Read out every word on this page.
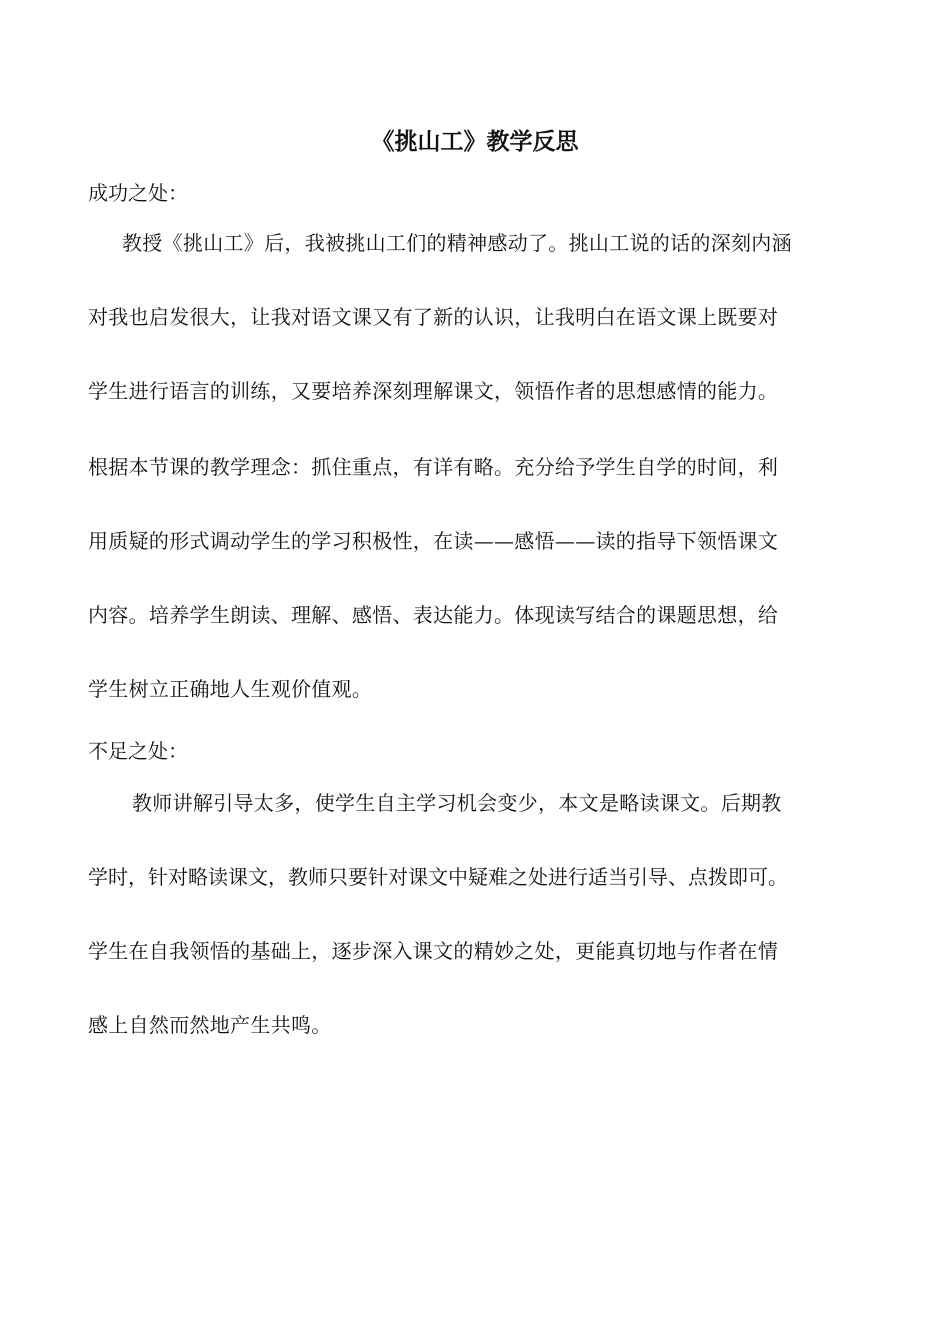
《挑山工》教学反思

成功之处：

教授《挑山工》后，我被挑山工们的精神感动了。挑山工说的话的深刻内涵

对我也启发很大，让我对语文课又有了新的认识，让我明白在语文课上既要对

学生进行语言的训练，又要培养深刻理解课文，领悟作者的思想感情的能力。

根据本节课的教学理念：抓住重点，有详有略。充分给予学生自学的时间，利

用质疑的形式调动学生的学习积极性，在读——感悟——读的指导下领悟课文

内容。培养学生朗读、理解、感悟、表达能力。体现读写结合的课题思想，给

学生树立正确地人生观价值观。

不足之处：

教师讲解引导太多，使学生自主学习机会变少，本文是略读课文。后期教

学时，针对略读课文，教师只要针对课文中疑难之处进行适当引导、点拨即可。

学生在自我领悟的基础上，逐步深入课文的精妙之处，更能真切地与作者在情

感上自然而然地产生共鸣。
